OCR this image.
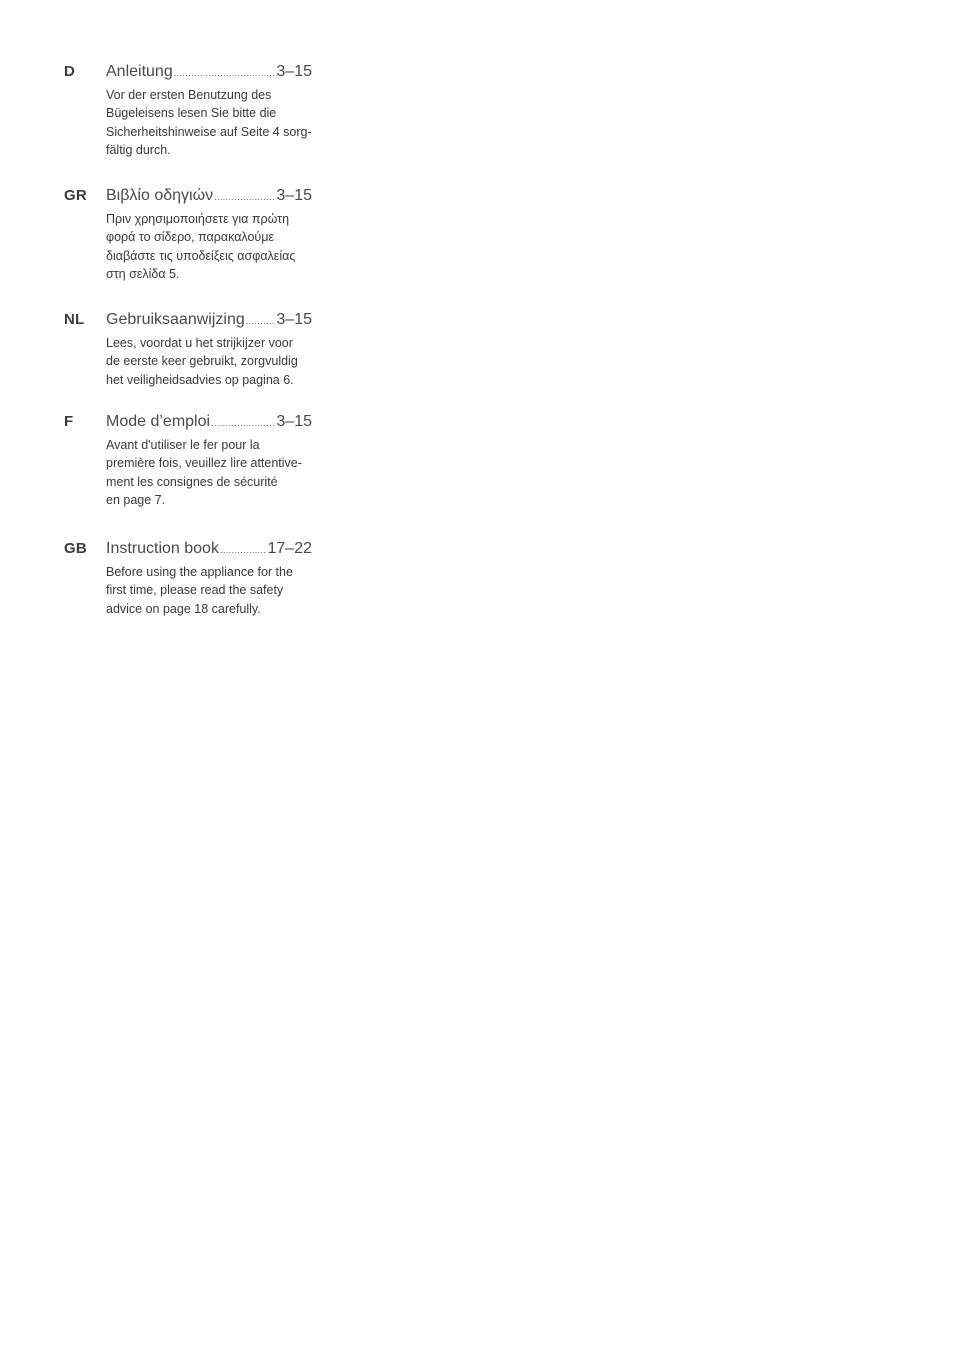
D Anleitung .....	3–15

Vor der ersten Benutzung des
Bügeleisens lesen Sie bitte die
Sicherheitshinweise auf Seite 4 sorg-
fältig durch.

GR Βιβλίο οδηγιών .....	3–15

Πριν χρησιμοποιήσετε για πρώτη
φορά το σίδερο, παρακαλούμε
διαβάστε τις υποδείξεις ασφαλείας
στη σελίδα 5.

NL Gebruiksaanwijzing ..... 3–15

Lees, voordat u het strijkijzer voor
de eerste keer gebruikt, zorgvuldig
het veiligheidsadvies op pagina 6.

F Mode d’emploi .....	3–15

Avant d'utiliser le fer pour la
première fois, veuillez lire attentive-
ment les consignes de sécurité
en page 7.

GB Instruction book .....	17–22

Before using the appliance for the
first time, please read the safety
advice on page 18 carefully.
